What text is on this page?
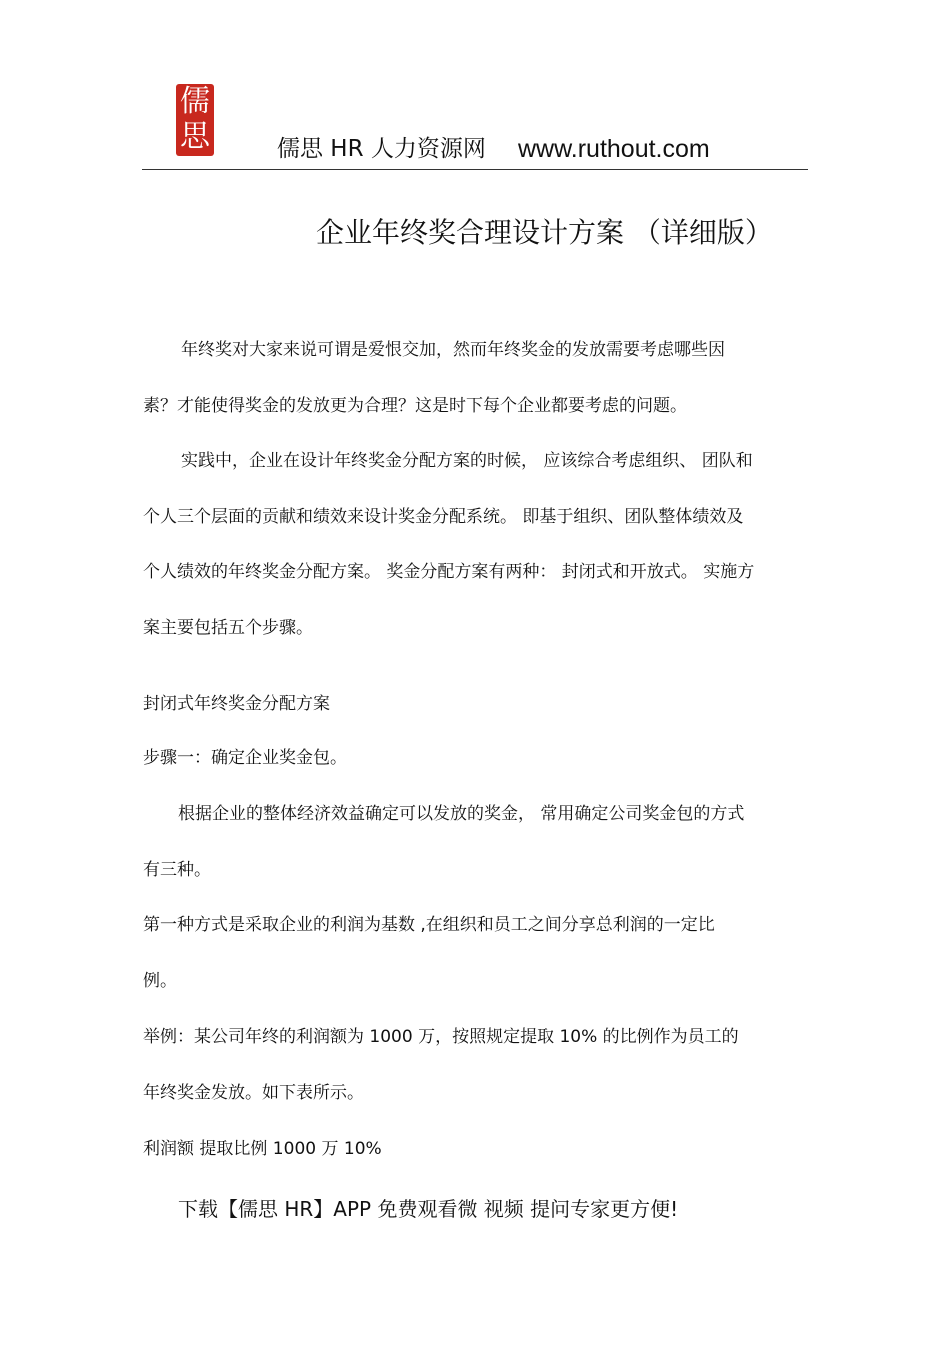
儒
思	儒思 HR 人力资源网 www.ruthout.com
企业年终奖合理设计方案 （详细版）
年终奖对大家来说可谓是爱恨交加，然而年终奖金的发放需要考虑哪些因
素？才能使得奖金的发放更为合理？这是时下每个企业都要考虑的问题。
实践中，企业在设计年终奖金分配方案的时候， 应该综合考虑组织、 团队和
个人三个层面的贡献和绩效来设计奖金分配系统。 即基于组织、团队整体绩效及
个人绩效的年终奖金分配方案。 奖金分配方案有两种： 封闭式和开放式。 实施方
案主要包括五个步骤。
封闭式年终奖金分配方案
步骤一：确定企业奖金包。
根据企业的整体经济效益确定可以发放的奖金， 常用确定公司奖金包的方式
有三种。
第一种方式是采取企业的利润为基数 ,在组织和员工之间分享总利润的一定比
例。
举例：某公司年终的利润额为 1000 万，按照规定提取 10% 的比例作为员工的
年终奖金发放。如下表所示。
利润额 提取比例 1000 万 10%
下载【儒思 HR】APP 免费观看微 视频 提问专家更方便!
